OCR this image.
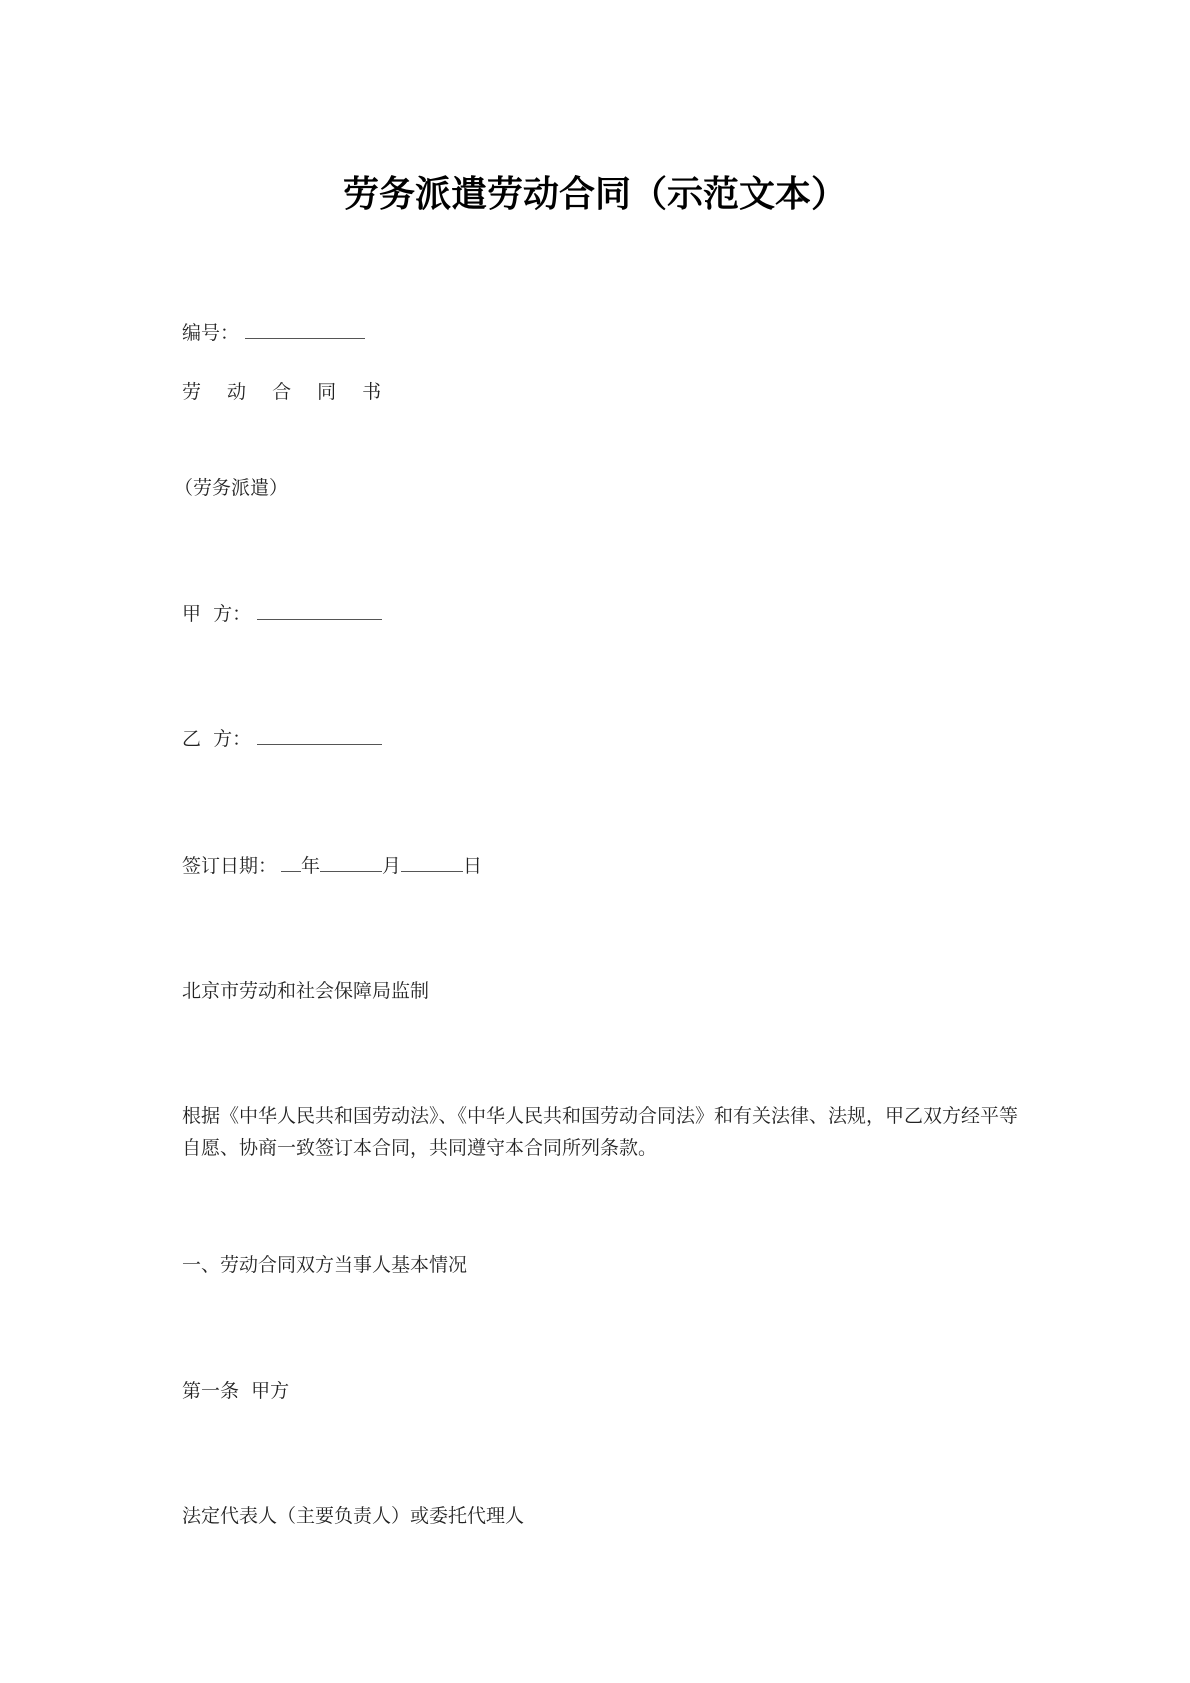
劳务派遣劳动合同（示范文本）
编号：
劳 动 合 同 书
（劳务派遣）
甲  方：
乙  方：
签订日期： 年	月	日
北京市劳动和社会保障局监制
根据《中华人民共和国劳动法》、《中华人民共和国劳动合同法》和有关法律、法规，甲乙双方经平等自愿、协商一致签订本合同，共同遵守本合同所列条款。
一、劳动合同双方当事人基本情况
第一条  甲方
法定代表人（主要负责人）或委托代理人
